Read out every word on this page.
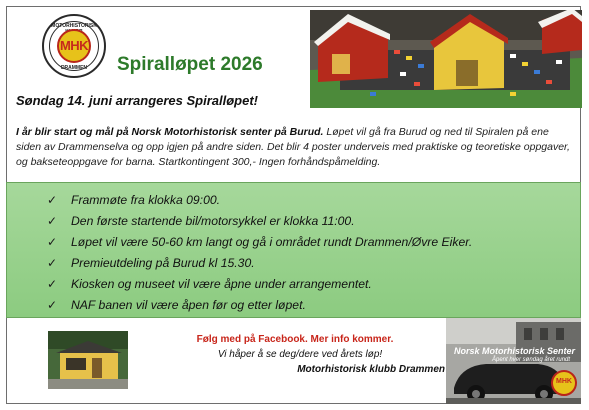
MOTORHISTORISK
MHK
DRAMMEN	Spiralløpet 2026
Søndag 14. juni arrangeres Spiralløpet!
I år blir start og mål på Norsk Motorhistorisk senter på Burud. Løpet vil gå fra Burud og ned til Spiralen på ene siden av Drammenselva og opp igjen på andre siden. Det blir 4 poster underveis med praktiske og teoretiske oppgaver, og bakseteoppgave for barna. Startkontingent 300,- Ingen forhåndspåmelding.
✓ Frammøte fra klokka 09:00.
✓ Den første startende bil/motorsykkel er klokka 11:00.
✓ Løpet vil være 50-60 km langt og gå i området rundt Drammen/Øvre Eiker.
✓ Premieutdeling på Burud kl 15.30.
✓ Kiosken og museet vil være åpne under arrangementet.
✓ NAF banen vil være åpen før og etter løpet.
Følg med på Facebook. Mer info kommer.
Vi håper å se deg/dere ved årets løp!
Motorhistorisk klubb Drammen
Norsk Motorhistorisk Senter
Åpent hver søndag året rundt
MHK
